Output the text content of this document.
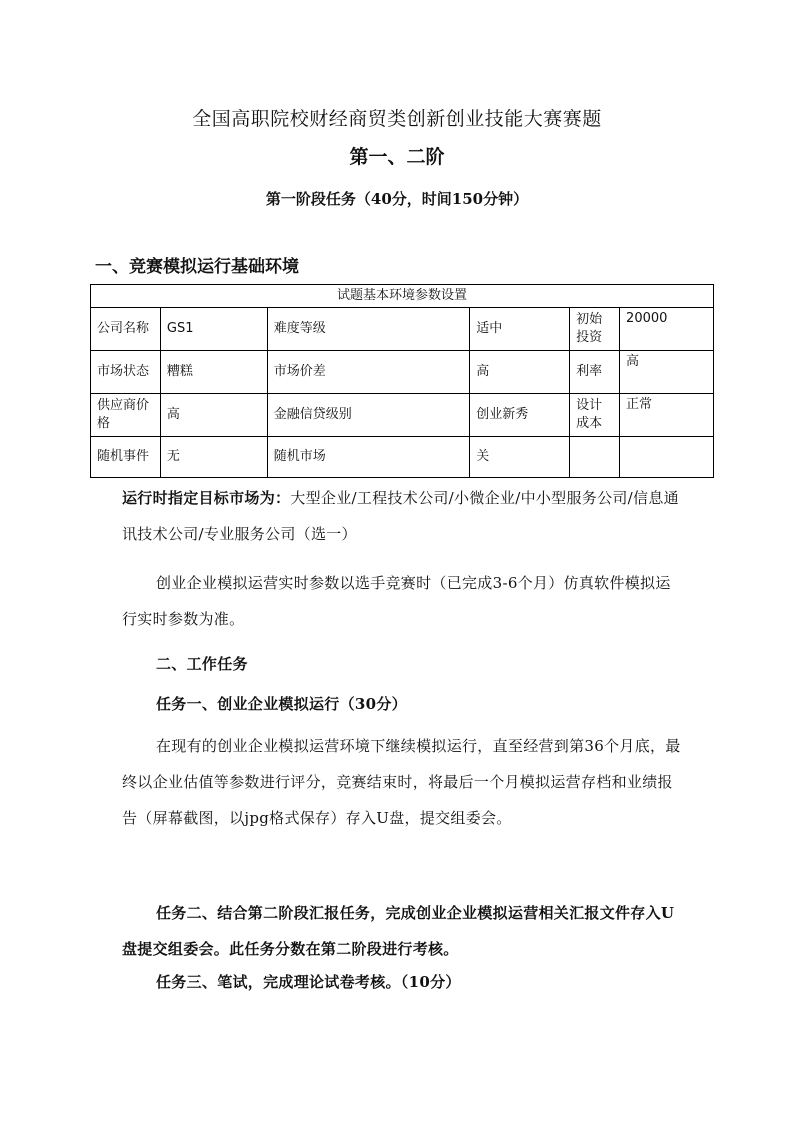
全国高职院校财经商贸类创新创业技能大赛赛题
第一、二阶
第一阶段任务（40分，时间150分钟）
一、竞赛模拟运行基础环境
试题基本环境参数设置					
公司名称	GS1	难度等级	适中	初始投资	20000
市场状态	糟糕	市场价差	高	利率	高
供应商价格	高	金融信贷级别	创业新秀	设计成本	正常
随机事件	无	随机市场	关		
运行时指定目标市场为：大型企业/工程技术公司/小微企业/中小型服务公司/信息通讯技术公司/专业服务公司（选一）
创业企业模拟运营实时参数以选手竞赛时（已完成3-6个月）仿真软件模拟运行实时参数为准。
二、工作任务
任务一、创业企业模拟运行（30分）
在现有的创业企业模拟运营环境下继续模拟运行，直至经营到第36个月底，最终以企业估值等参数进行评分，竞赛结束时，将最后一个月模拟运营存档和业绩报告（屏幕截图，以jpg格式保存）存入U盘，提交组委会。
任务二、结合第二阶段汇报任务，完成创业企业模拟运营相关汇报文件存入U盘提交组委会。此任务分数在第二阶段进行考核。
任务三、笔试，完成理论试卷考核。（10分）
